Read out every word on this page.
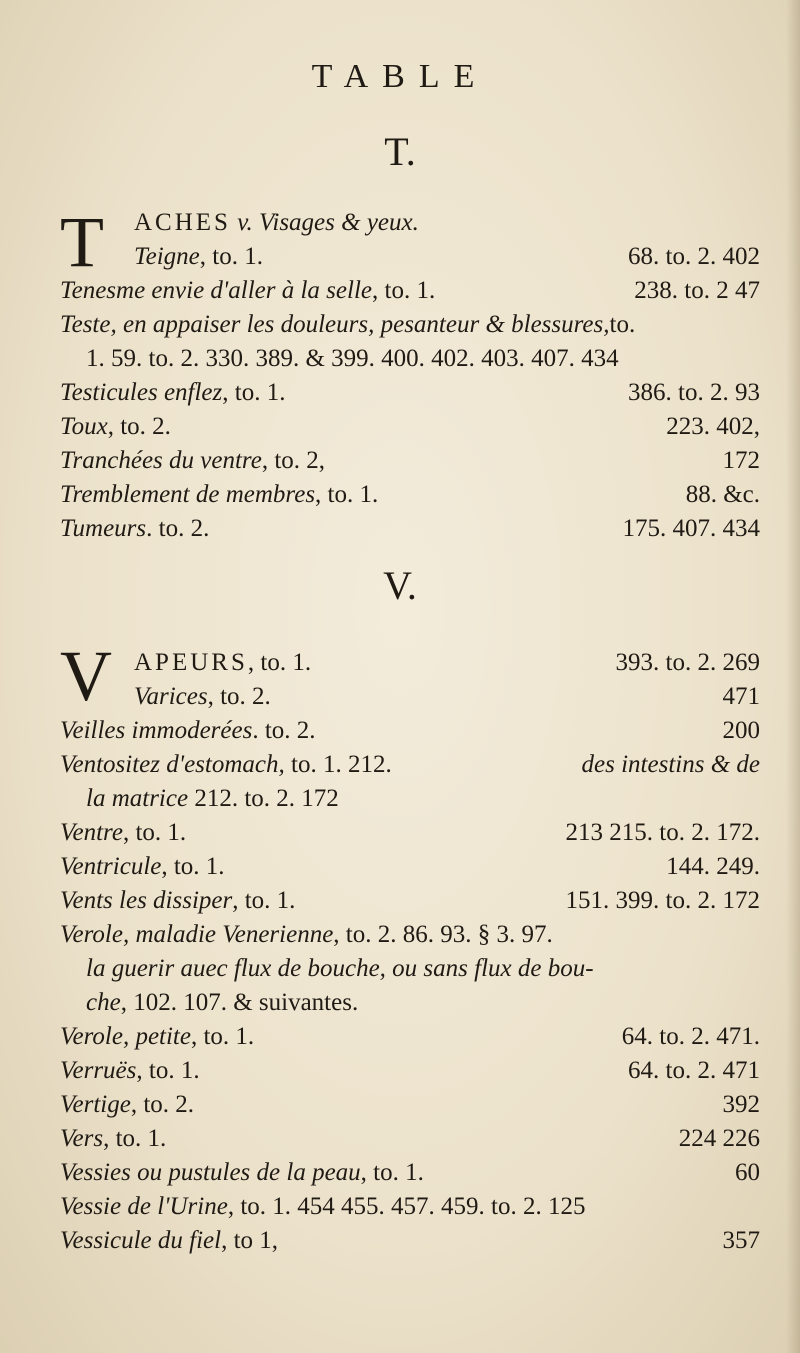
TABLE
T.
T ACHES v. Visages & yeux.
Teigne, to. 1.	68. to. 2. 402
Tenesme envie d'aller à la selle, to. 1.	238. to. 2 47
Teste, en appaiser les douleurs, pesanteur & blessures,to.
1. 59. to. 2. 330. 389. & 399. 400. 402. 403. 407. 434
Testicules enflez, to. 1.	386. to. 2. 93
Toux, to. 2.	223. 402,
Tranchées du ventre, to. 2,	172
Tremblement de membres, to. 1.	88. &c.
Tumeurs. to. 2.	175. 407. 434
V.
V APEURS, to. 1.	393. to. 2. 269
Varices, to. 2.	471
Veilles immoderées. to. 2.	200
Ventositez d'estomach, to. 1. 212.	des intestins & de
la matrice 212. to. 2. 172
Ventre, to. 1.	213 215. to. 2. 172.
Ventricule, to. 1.	144. 249.
Vents les dissiper, to. 1.	151. 399. to. 2. 172
Verole, maladie Venerienne, to. 2. 86. 93. § 3. 97.
la guerir auec flux de bouche, ou sans flux de bou-
che, 102. 107. & suivantes.
Verole, petite, to. 1.	64. to. 2. 471.
Verruës, to. 1.	64. to. 2. 471
Vertige, to. 2.	392
Vers, to. 1.	224 226
Vessies ou pustules de la peau, to. 1.	60
Vessie de l'Urine, to. 1. 454 455. 457. 459. to. 2. 125
Vessicule du fiel, to 1,	357
